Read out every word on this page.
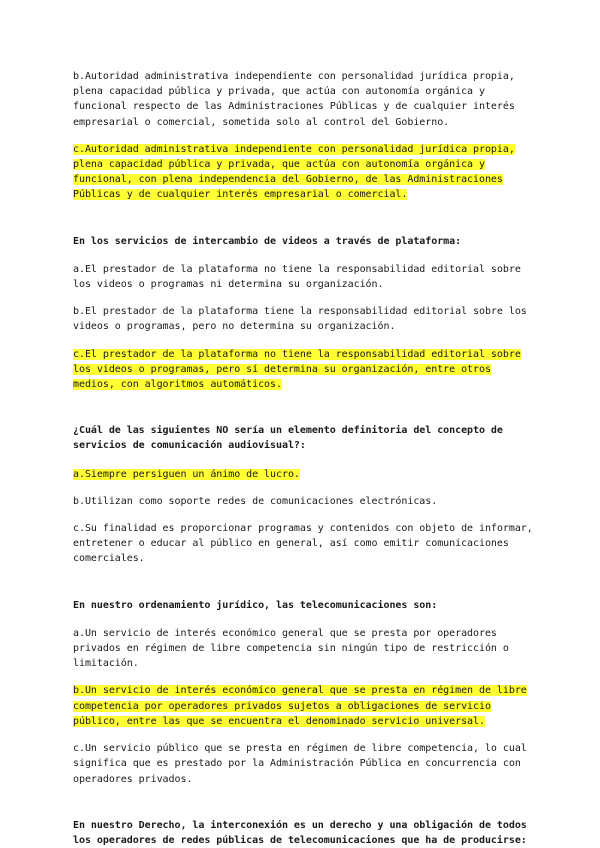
b.Autoridad administrativa independiente con personalidad jurídica propia, plena capacidad pública y privada, que actúa con autonomía orgánica y funcional respecto de las Administraciones Públicas y de cualquier interés empresarial o comercial, sometida solo al control del Gobierno.

c.Autoridad administrativa independiente con personalidad jurídica propia, plena capacidad pública y privada, que actúa con autonomía orgánica y funcional, con plena independencia del Gobierno, de las Administraciones Públicas y de cualquier interés empresarial o comercial.

En los servicios de intercambio de videos a través de plataforma:

a.El prestador de la plataforma no tiene la responsabilidad editorial sobre los videos o programas ni determina su organización.

b.El prestador de la plataforma tiene la responsabilidad editorial sobre los videos o programas, pero no determina su organización.

c.El prestador de la plataforma no tiene la responsabilidad editorial sobre los videos o programas, pero sí determina su organización, entre otros medios, con algoritmos automáticos.

¿Cuál de las siguientes NO sería un elemento definitoria del concepto de servicios de comunicación audiovisual?:

a.Siempre persiguen un ánimo de lucro.

b.Utilizan como soporte redes de comunicaciones electrónicas.

c.Su finalidad es proporcionar programas y contenidos con objeto de informar, entretener o educar al público en general, así como emitir comunicaciones comerciales.

En nuestro ordenamiento jurídico, las telecomunicaciones son:

a.Un servicio de interés económico general que se presta por operadores privados en régimen de libre competencia sin ningún tipo de restricción o limitación.

b.Un servicio de interés económico general que se presta en régimen de libre competencia por operadores privados sujetos a obligaciones de servicio público, entre las que se encuentra el denominado servicio universal.

c.Un servicio público que se presta en régimen de libre competencia, lo cual significa que es prestado por la Administración Pública en concurrencia con operadores privados.

En nuestro Derecho, la interconexión es un derecho y una obligación de todos los operadores de redes públicas de telecomunicaciones que ha de producirse:
